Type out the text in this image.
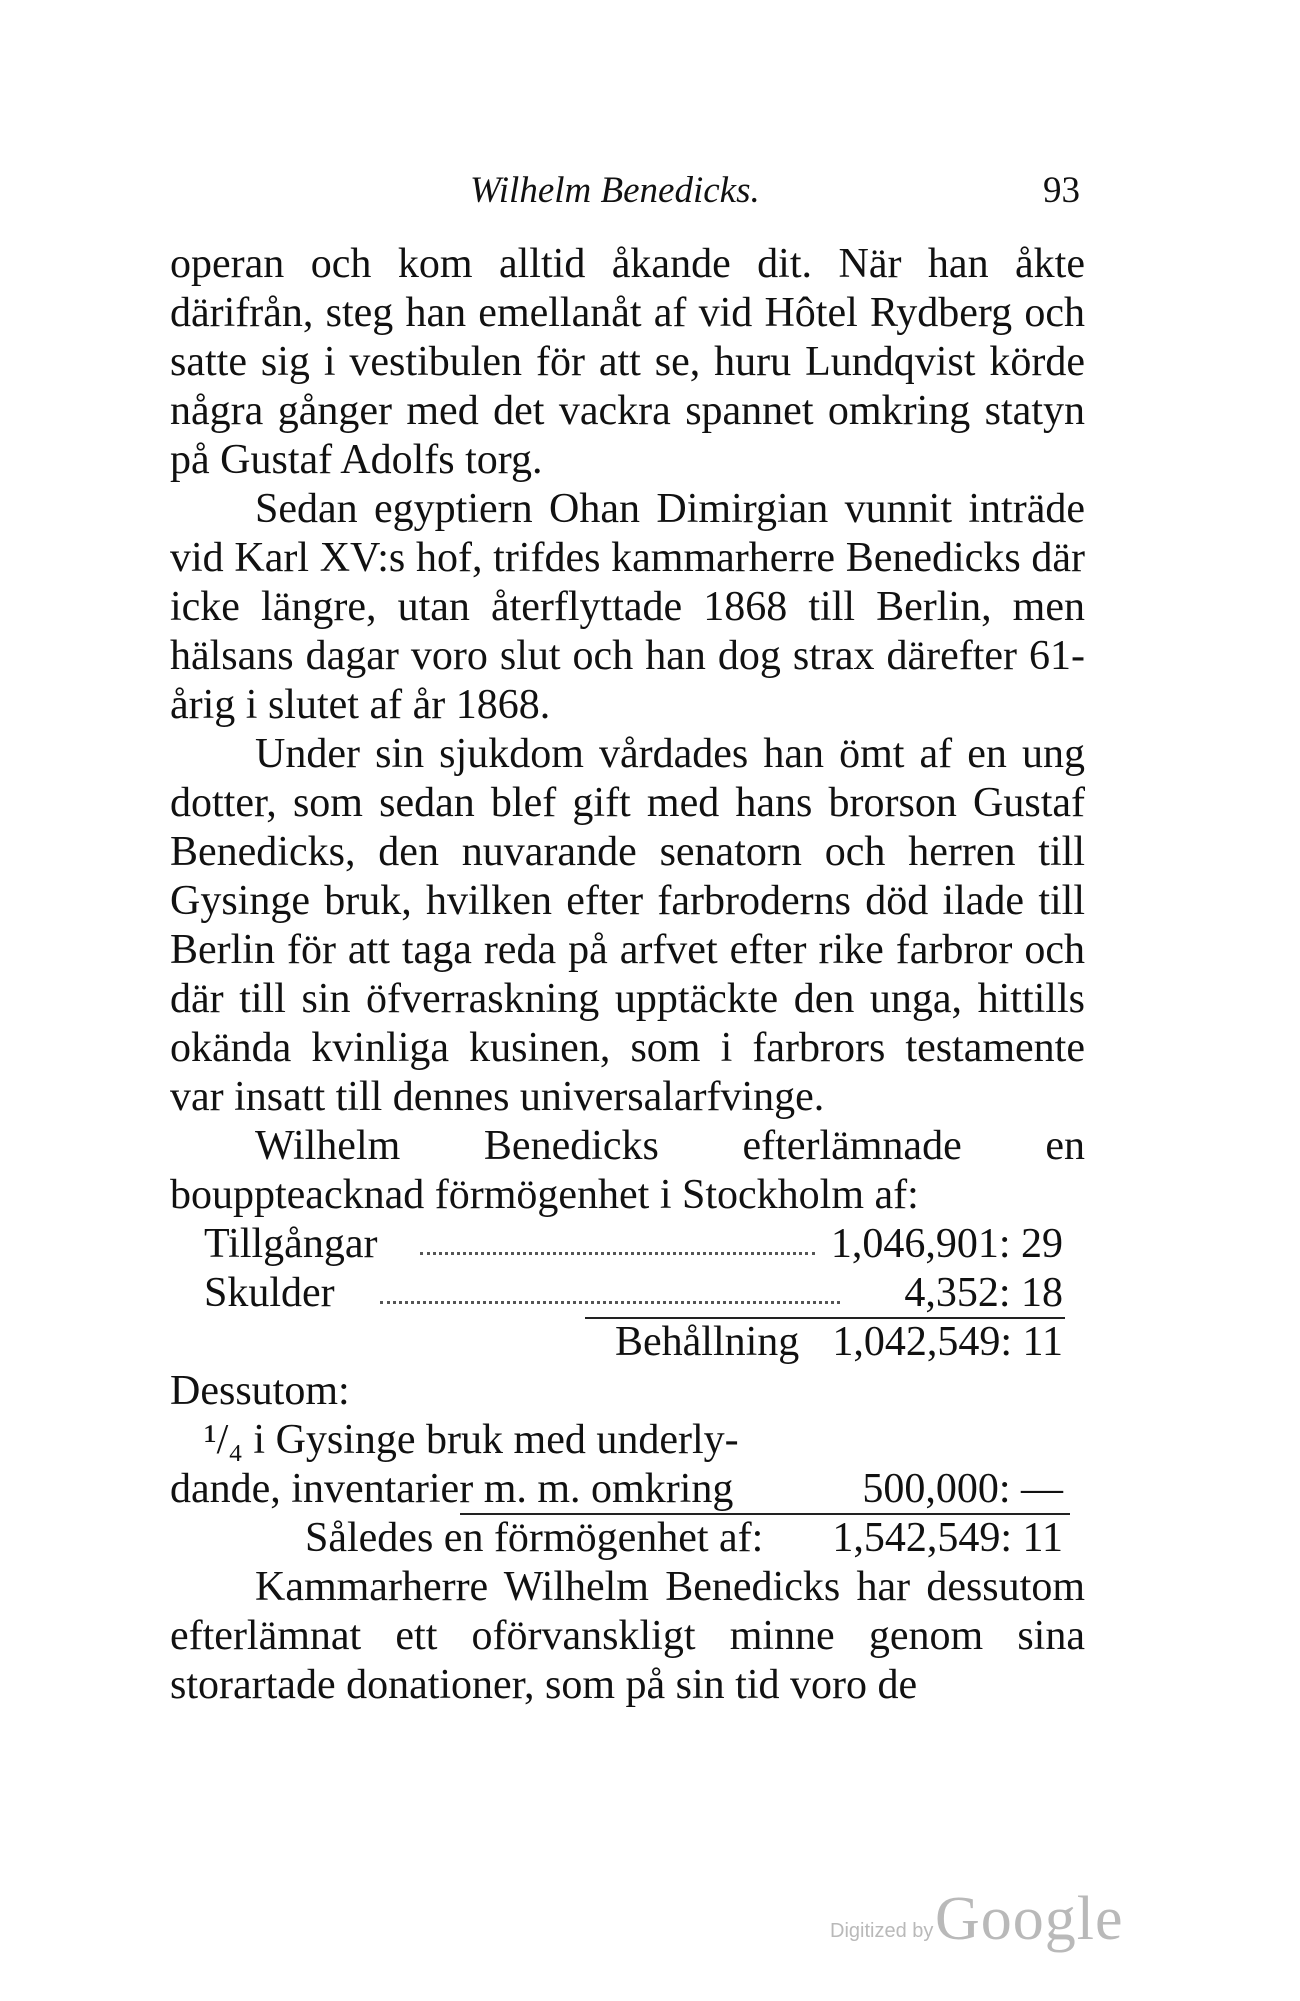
Wilhelm Benedicks.	93

operan och kom alltid åkande dit. När han åkte därifrån, steg han emellanåt af vid Hôtel Rydberg och satte sig i vestibulen för att se, huru Lundqvist körde några gånger med det vackra spannet omkring statyn på Gustaf Adolfs torg.

Sedan egyptiern Ohan Dimirgian vunnit inträde vid Karl XV:s hof, trifdes kammarherre Benedicks där icke längre, utan återflyttade 1868 till Berlin, men hälsans dagar voro slut och han dog strax därefter 61-årig i slutet af år 1868.

Under sin sjukdom vårdades han ömt af en ung dotter, som sedan blef gift med hans brorson Gustaf Benedicks, den nuvarande senatorn och herren till Gysinge bruk, hvilken efter farbroderns död ilade till Berlin för att taga reda på arfvet efter rike farbror och där till sin öfverraskning upptäckte den unga, hittills okända kvinliga kusinen, som i farbrors testamente var insatt till dennes universalarfvinge.

Wilhelm Benedicks efterlämnade en bouppteacknad förmögenhet i Stockholm af:

Tillgångar	1,046,901: 29
Skulder	4,352: 18
Behållning 1,042,549: 11
Dessutom:
¹/₄ i Gysinge bruk med underly-
dande, inventarier m. m. omkring	500,000: —
Således en förmögenhet af: 1,542,549: 11

Kammarherre Wilhelm Benedicks har dessutom efterlämnat ett oförvanskligt minne genom sina storartade donationer, som på sin tid voro de

Digitized by Google
